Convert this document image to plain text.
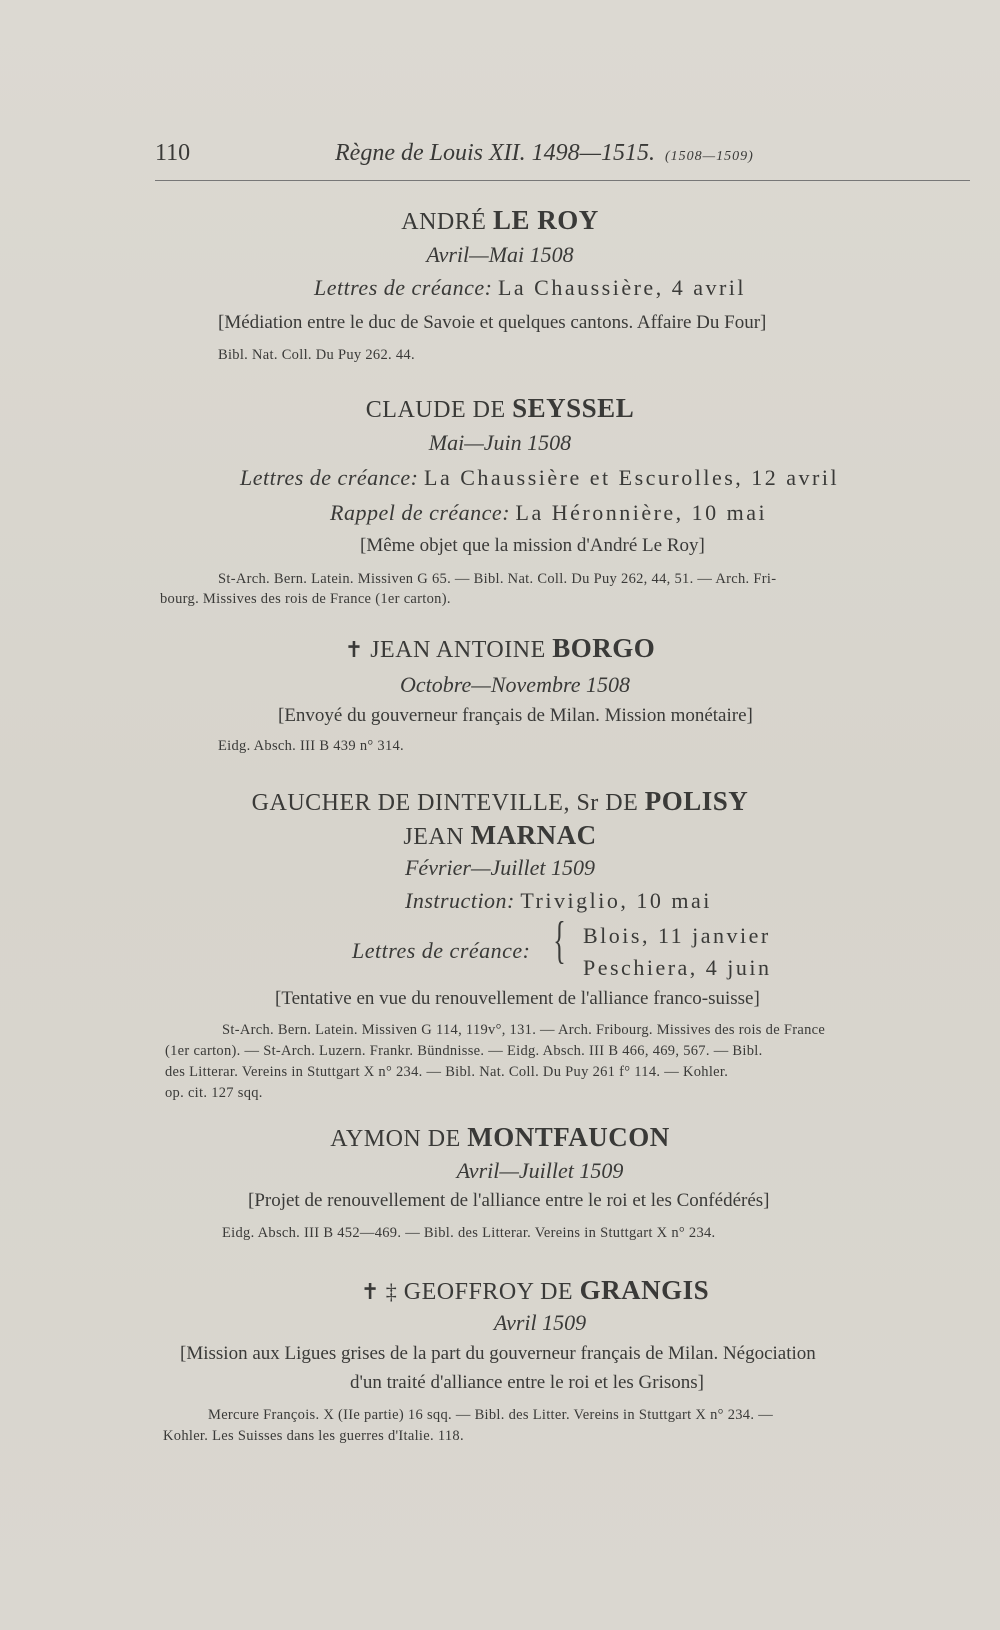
110	Règne de Louis XII. 1498—1515. (1508—1509)
ANDRÉ LE ROY
Avril—Mai 1508
Lettres de créance: La Chaussière, 4 avril
[Médiation entre le duc de Savoie et quelques cantons. Affaire Du Four]
Bibl. Nat. Coll. Du Puy 262. 44.
CLAUDE DE SEYSSEL
Mai—Juin 1508
Lettres de créance: La Chaussière et Escurolles, 12 avril
Rappel de créance: La Héronnière, 10 mai
[Même objet que la mission d'André Le Roy]
St-Arch. Bern. Latein. Missiven G 65. — Bibl. Nat. Coll. Du Puy 262, 44, 51. — Arch. Fri-
bourg. Missives des rois de France (1er carton).
✝ JEAN ANTOINE BORGO
Octobre—Novembre 1508
[Envoyé du gouverneur français de Milan. Mission monétaire]
Eidg. Absch. III B 439 n° 314.
GAUCHER DE DINTEVILLE, Sr DE POLISY
JEAN MARNAC
Février—Juillet 1509
Instruction: Triviglio, 10 mai
Lettres de créance: { Blois, 11 janvier
Peschiera, 4 juin
[Tentative en vue du renouvellement de l'alliance franco-suisse]
St-Arch. Bern. Latein. Missiven G 114, 119v°, 131. — Arch. Fribourg. Missives des rois de France
(1er carton). — St-Arch. Luzern. Frankr. Bündnisse. — Eidg. Absch. III B 466, 469, 567. — Bibl.
des Litterar. Vereins in Stuttgart X n° 234. — Bibl. Nat. Coll. Du Puy 261 f° 114. — Kohler.
op. cit. 127 sqq.
AYMON DE MONTFAUCON
Avril—Juillet 1509
[Projet de renouvellement de l'alliance entre le roi et les Confédérés]
Eidg. Absch. III B 452—469. — Bibl. des Litterar. Vereins in Stuttgart X n° 234.
✝ ‡ GEOFFROY DE GRANGIS
Avril 1509
[Mission aux Ligues grises de la part du gouverneur français de Milan. Négociation
d'un traité d'alliance entre le roi et les Grisons]
Mercure François. X (IIe partie) 16 sqq. — Bibl. des Litter. Vereins in Stuttgart X n° 234. —
Kohler. Les Suisses dans les guerres d'Italie. 118.
